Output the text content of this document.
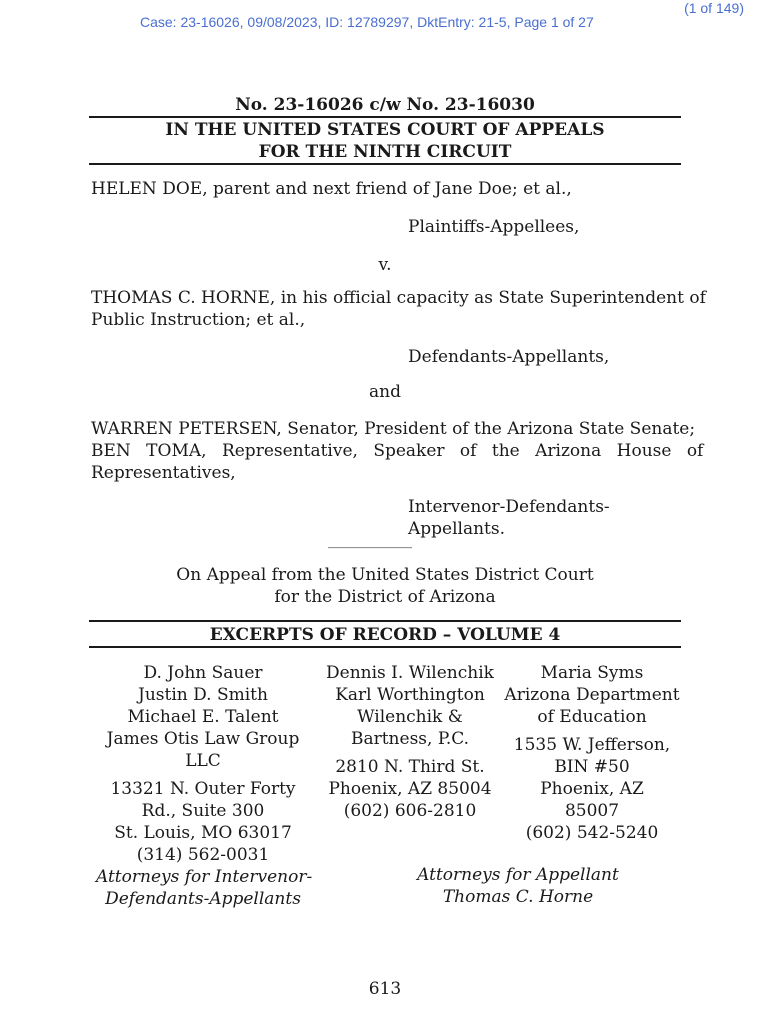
(1 of 149)
Case: 23-16026, 09/08/2023, ID: 12789297, DktEntry: 21-5, Page 1 of 27
No. 23-16026 c/w No. 23-16030
IN THE UNITED STATES COURT OF APPEALS
FOR THE NINTH CIRCUIT
HELEN DOE, parent and next friend of Jane Doe; et al.,
Plaintiffs-Appellees,
v.
THOMAS C. HORNE, in his official capacity as State Superintendent of
Public Instruction; et al.,
Defendants-Appellants,
and
WARREN PETERSEN, Senator, President of the Arizona State Senate;
BEN TOMA, Representative, Speaker of the Arizona House of
Representatives,
Intervenor-Defendants-
Appellants.
____________
On Appeal from the United States District Court
for the District of Arizona
EXCERPTS OF RECORD – VOLUME 4
D. John Sauer
Justin D. Smith
Michael E. Talent
James Otis Law Group
LLC
13321 N. Outer Forty
Rd., Suite 300
St. Louis, MO 63017
(314) 562-0031
Attorneys for Intervenor-
Defendants-Appellants
Dennis I. Wilenchik
Karl Worthington
Wilenchik &
Bartness, P.C.
2810 N. Third St.
Phoenix, AZ 85004
(602) 606-2810
Maria Syms
Arizona Department
of Education
1535 W. Jefferson,
BIN #50
Phoenix, AZ
85007
(602) 542-5240
Attorneys for Appellant
Thomas C. Horne
613
